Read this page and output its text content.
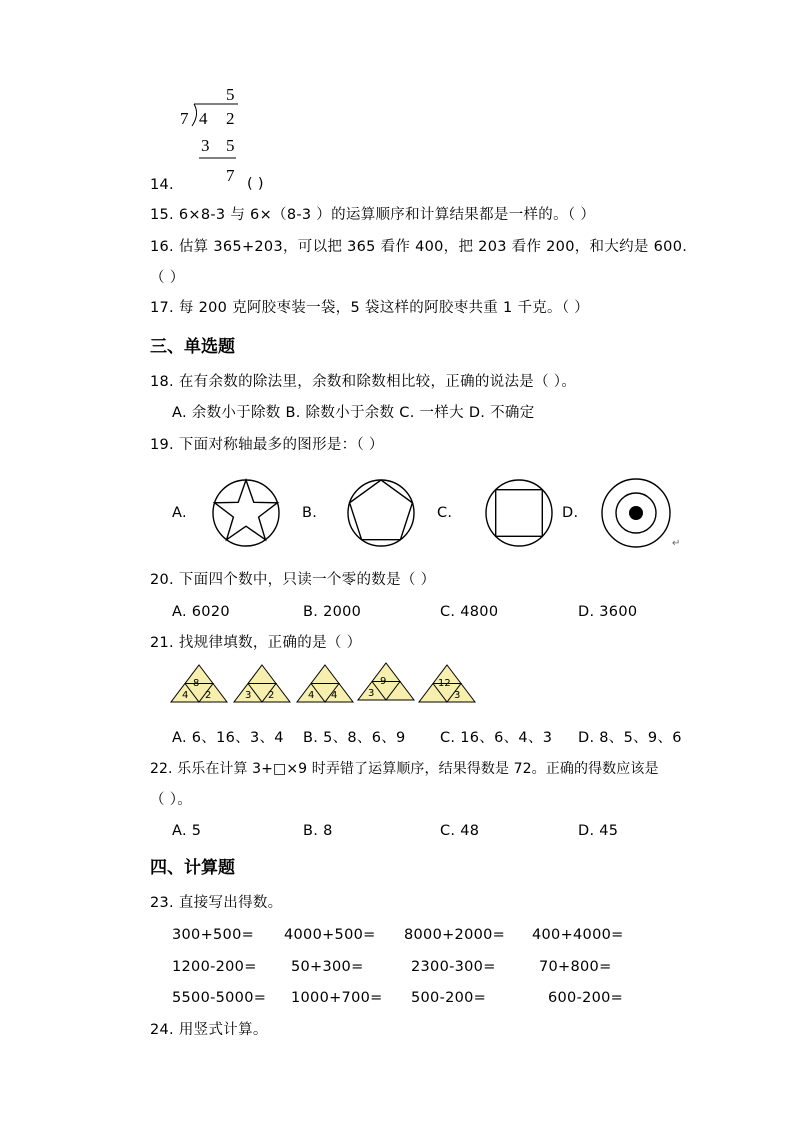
5
7 4 2
3 5
7
14.	( )
15. 6×8-3 与 6×（8-3 ）的运算顺序和计算结果都是一样的。（ ）
16. 估算 365+203，可以把 365 看作 400，把 203 看作 200，和大约是 600.
（ ）
17. 每 200 克阿胶枣装一袋，5 袋这样的阿胶枣共重 1 千克。（ ）
三、单选题
18. 在有余数的除法里，余数和除数相比较，正确的说法是（ ）。
A. 余数小于除数 B. 除数小于余数 C. 一样大 D. 不确定
19. 下面对称轴最多的图形是：（ ）
A.	B.	C.	D.
↵
20. 下面四个数中，只读一个零的数是（ ）
A. 6020	B. 2000	C. 4800	D. 3600
21. 找规律填数，正确的是（ ）
8
4 2	3 2	4 4
9
3
12
3
A. 6、16、3、4 B. 5、8、6、9 C. 16、6、4、3 D. 8、5、9、6
22. 乐乐在计算 3+□×9 时弄错了运算顺序，结果得数是 72。正确的得数应该是
（ ）。
A. 5	B. 8	C. 48	D. 45
四、计算题
23. 直接写出得数。
300+500= 4000+500= 8000+2000= 400+4000=
1200-200= 50+300=	2300-300=	70+800=
5500-5000= 1000+700= 500-200=	600-200=
24. 用竖式计算。
